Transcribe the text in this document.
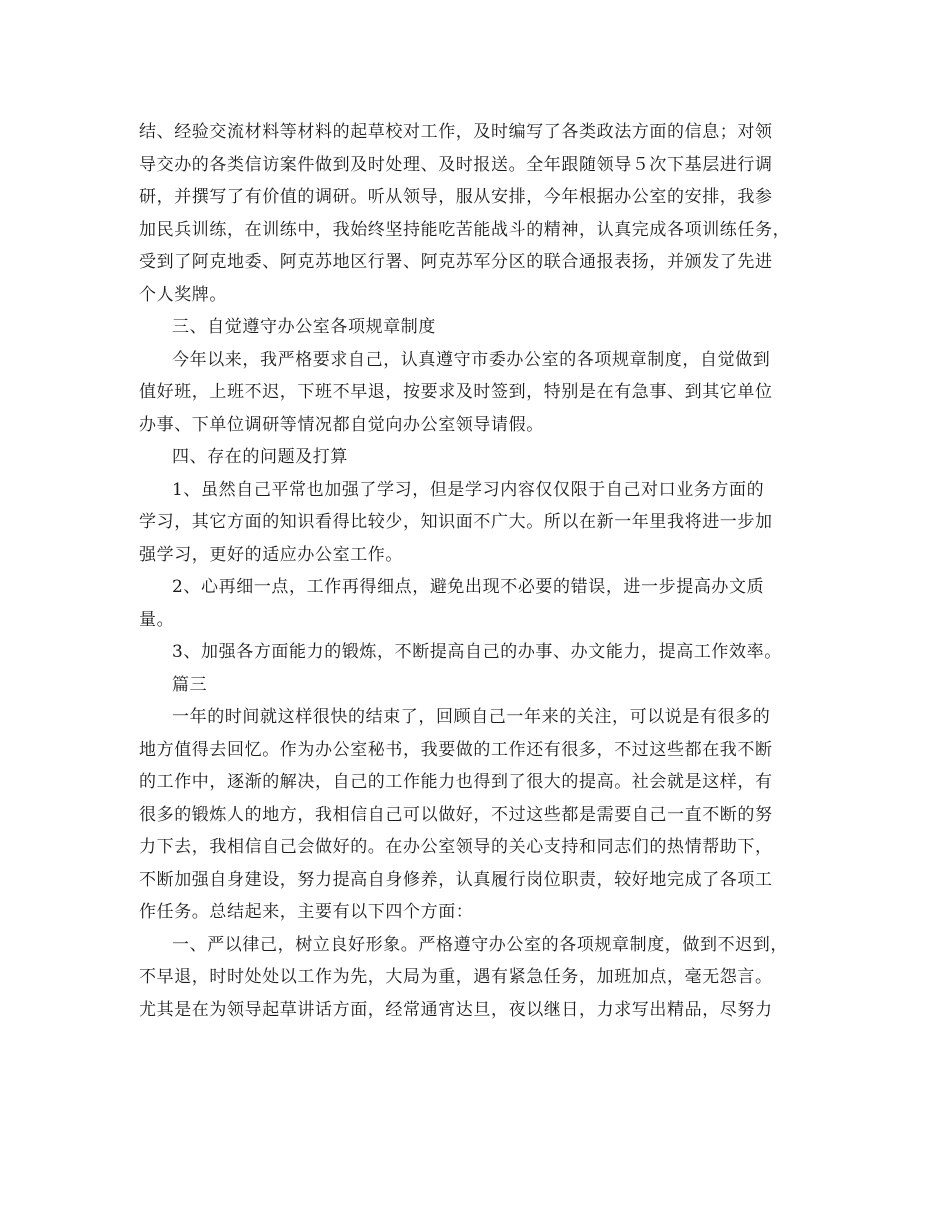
结、经验交流材料等材料的起草校对工作，及时编写了各类政法方面的信息；对领
导交办的各类信访案件做到及时处理、及时报送。全年跟随领导５次下基层进行调
研，并撰写了有价值的调研。听从领导，服从安排，今年根据办公室的安排，我参
加民兵训练，在训练中，我始终坚持能吃苦能战斗的精神，认真完成各项训练任务，
受到了阿克地委、阿克苏地区行署、阿克苏军分区的联合通报表扬，并颁发了先进
个人奖牌。
三、自觉遵守办公室各项规章制度
今年以来，我严格要求自己，认真遵守市委办公室的各项规章制度，自觉做到
值好班，上班不迟，下班不早退，按要求及时签到，特别是在有急事、到其它单位
办事、下单位调研等情况都自觉向办公室领导请假。
四、存在的问题及打算
1、虽然自己平常也加强了学习，但是学习内容仅仅限于自己对口业务方面的
学习，其它方面的知识看得比较少，知识面不广大。所以在新一年里我将进一步加
强学习，更好的适应办公室工作。
2、心再细一点，工作再得细点，避免出现不必要的错误，进一步提高办文质
量。
3、加强各方面能力的锻炼，不断提高自己的办事、办文能力，提高工作效率。
篇三
一年的时间就这样很快的结束了，回顾自己一年来的关注，可以说是有很多的
地方值得去回忆。作为办公室秘书，我要做的工作还有很多，不过这些都在我不断
的工作中，逐渐的解决，自己的工作能力也得到了很大的提高。社会就是这样，有
很多的锻炼人的地方，我相信自己可以做好，不过这些都是需要自己一直不断的努
力下去，我相信自己会做好的。在办公室领导的关心支持和同志们的热情帮助下，
不断加强自身建设，努力提高自身修养，认真履行岗位职责，较好地完成了各项工
作任务。总结起来，主要有以下四个方面：
一、严以律己，树立良好形象。严格遵守办公室的各项规章制度，做到不迟到，
不早退，时时处处以工作为先，大局为重，遇有紧急任务，加班加点，毫无怨言。
尤其是在为领导起草讲话方面，经常通宵达旦，夜以继日，力求写出精品，尽努力
